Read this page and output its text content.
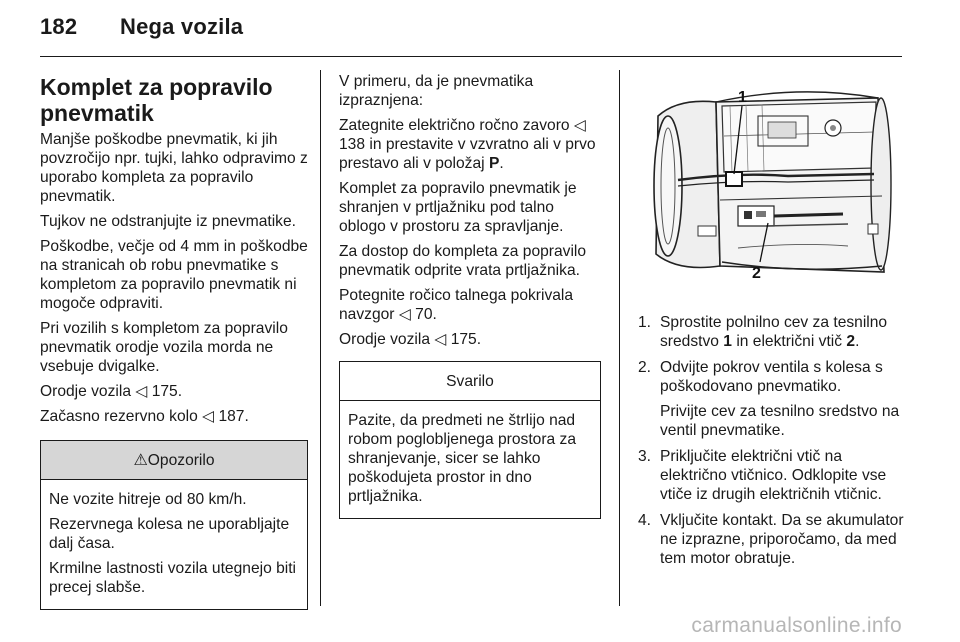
182 Nega vozila
Komplet za popravilo pnevmatik

Manjše poškodbe pnevmatik, ki jih povzročijo npr. tujki, lahko odpravimo z uporabo kompleta za popravilo pnevmatik.

Tujkov ne odstranjujte iz pnevmatike.

Poškodbe, večje od 4 mm in poškodbe na stranicah ob robu pnevmatike s kompletom za popravilo pnevmatik ni mogoče odpraviti.

Pri vozilih s kompletom za popravilo pnevmatik orodje vozila morda ne vsebuje dvigalke.

Orodje vozila ◁ 175.

Začasno rezervno kolo ◁ 187.

⚠Opozorilo

Ne vozite hitreje od 80 km/h.

Rezervnega kolesa ne uporabljajte dalj časa.

Krmilne lastnosti vozila utegnejo biti precej slabše.

V primeru, da je pnevmatika izpraznjena:

Zategnite električno ročno zavoro ◁ 138 in prestavite v vzvratno ali v prvo prestavo ali v položaj P.

Komplet za popravilo pnevmatik je shranjen v prtljažniku pod talno oblogo v prostoru za spravljanje.

Za dostop do kompleta za popravilo pnevmatik odprite vrata prtljažnika.

Potegnite ročico talnega pokrivala navzgor ◁ 70.

Orodje vozila ◁ 175.

Svarilo

Pazite, da predmeti ne štrlijo nad robom poglobljenega prostora za shranjevanje, sicer se lahko poškodujeta prostor in dno prtljažnika.

1
2
1. Sprostite polnilno cev za tesnilno sredstvo 1 in električni vtič 2.
2. Odvijte pokrov ventila s kolesa s poškodovano pnevmatiko.

Privijte cev za tesnilno sredstvo na ventil pnevmatike.

3. Priključite električni vtič na električno vtičnico. Odklopite vse vtiče iz drugih električnih vtičnic.

4. Vključite kontakt. Da se akumulator ne izprazne, priporočamo, da med tem motor obratuje.

carmanualsonline.info
